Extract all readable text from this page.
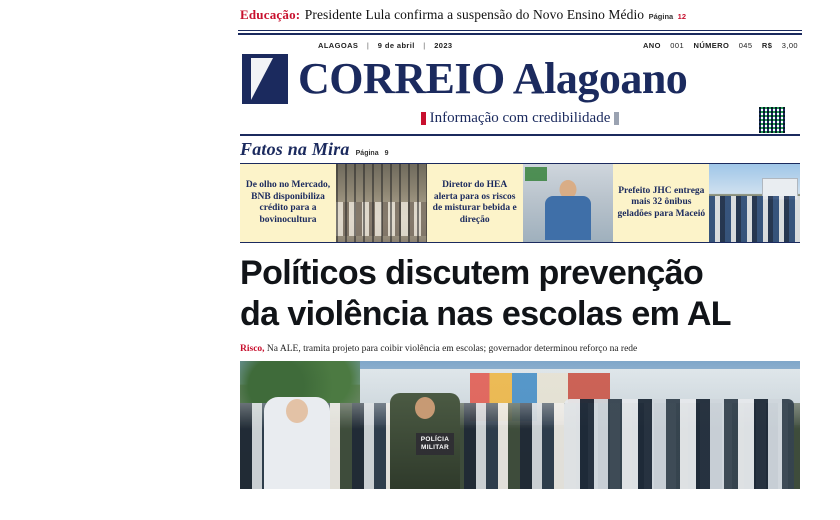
Educação: Presidente Lula confirma a suspensão do Novo Ensino Médio Página 12
ALAGOAS | 9 de abril | 2023	ANO 001 NÚMERO 045 R$ 3,00
CORREIO Alagoano
Informação com credibilidade
Fatos na Mira Página 9
De olho no Mercado, BNB disponibiliza crédito para a bovinocultura
Diretor do HEA alerta para os riscos de misturar bebida e direção
Prefeito JHC entrega mais 32 ônibus geladões para Maceió
Políticos discutem prevenção
da violência nas escolas em AL
Risco, Na ALE, tramita projeto para coibir violência em escolas; governador determinou reforço na rede
POLÍCIA
MILITAR
